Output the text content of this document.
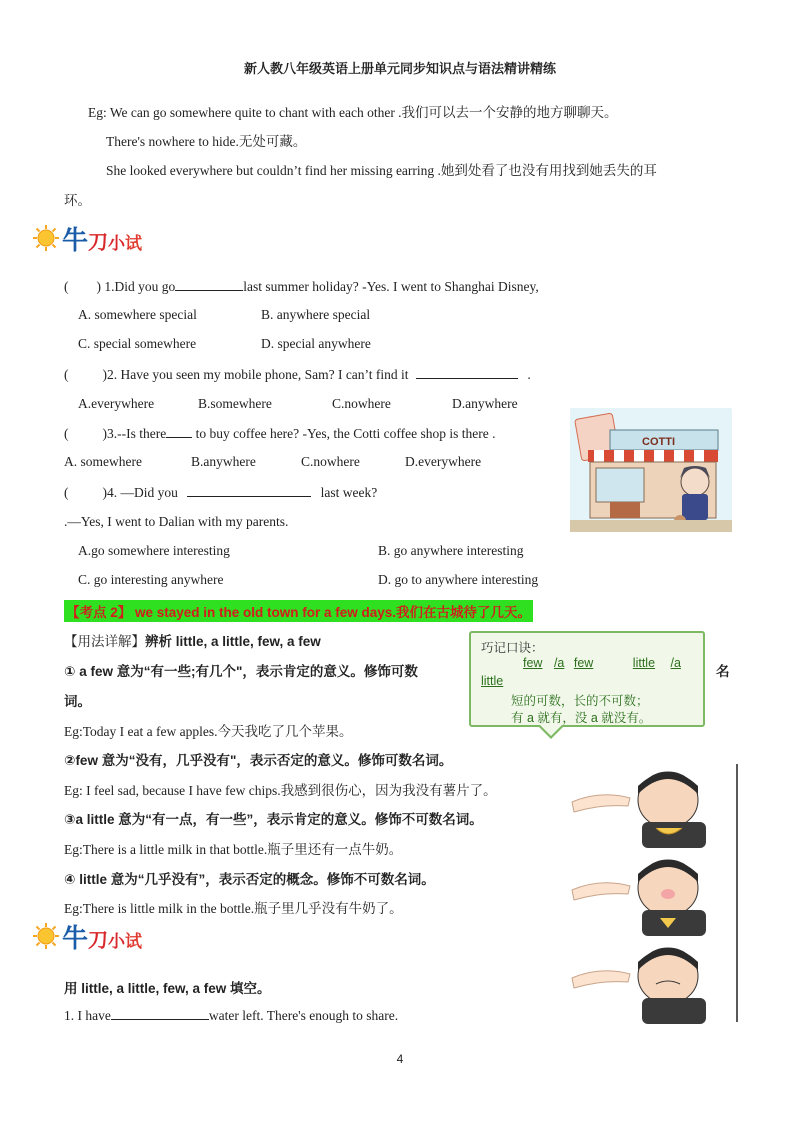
新人教八年级英语上册单元同步知识点与语法精讲精练
Eg: We can go somewhere quite to chant with each other .我们可以去一个安静的地方聊聊天。
There's nowhere to hide.无处可藏。
She looked everywhere but couldn’t find her missing earring .她到处看了也没有用找到她丢失的耳
环。
牛刀小试
( ) 1.Did you go	last summer holiday? -Yes. I went to Shanghai Disney,
A. somewhere special	B. anywhere special
C. special somewhere	D. special anywhere
(	)2. Have you seen my mobile phone, Sam? I can’t find it	.
A.everywhere	B.somewhere	C.nowhere	D.anywhere
(	)3.--Is there to buy coffee here? -Yes, the Cotti coffee shop is there .
A. somewhere	B.anywhere	C.nowhere	D.everywhere
COTTI
(	)4. —Did you	last week?
.—Yes, I went to Dalian with my parents.
A.go somewhere interesting	B. go anywhere interesting
C. go interesting anywhere	D. go to anywhere interesting
【考点 2】 we stayed in the old town for a few days.我们在古城待了几天。
【用法详解】辨析 little, a little, few, a few	巧记口诀：
few /a few	little /a
little
短的可数，长的不可数；
有 a 就有，没 a 就没有。
① a few 意为“有一些;有几个"，表示肯定的意义。修饰可数	名
词。
Eg:Today I eat a few apples.今天我吃了几个苹果。
②few 意为“没有，几乎没有"，表示否定的意义。修饰可数名词。
Eg: I feel sad, because I have few chips.我感到很伤心，因为我没有薯片了。
③a little 意为“有一点，有一些”，表示肯定的意义。修饰不可数名词。
Eg:There is a little milk in that bottle.瓶子里还有一点牛奶。
④ little 意为“几乎没有”，表示否定的概念。修饰不可数名词。
Eg:There is little milk in the bottle.瓶子里几乎没有牛奶了。
牛刀小试
用 little, a little, few, a few 填空。
1. I have	water left. There's enough to share.
4
